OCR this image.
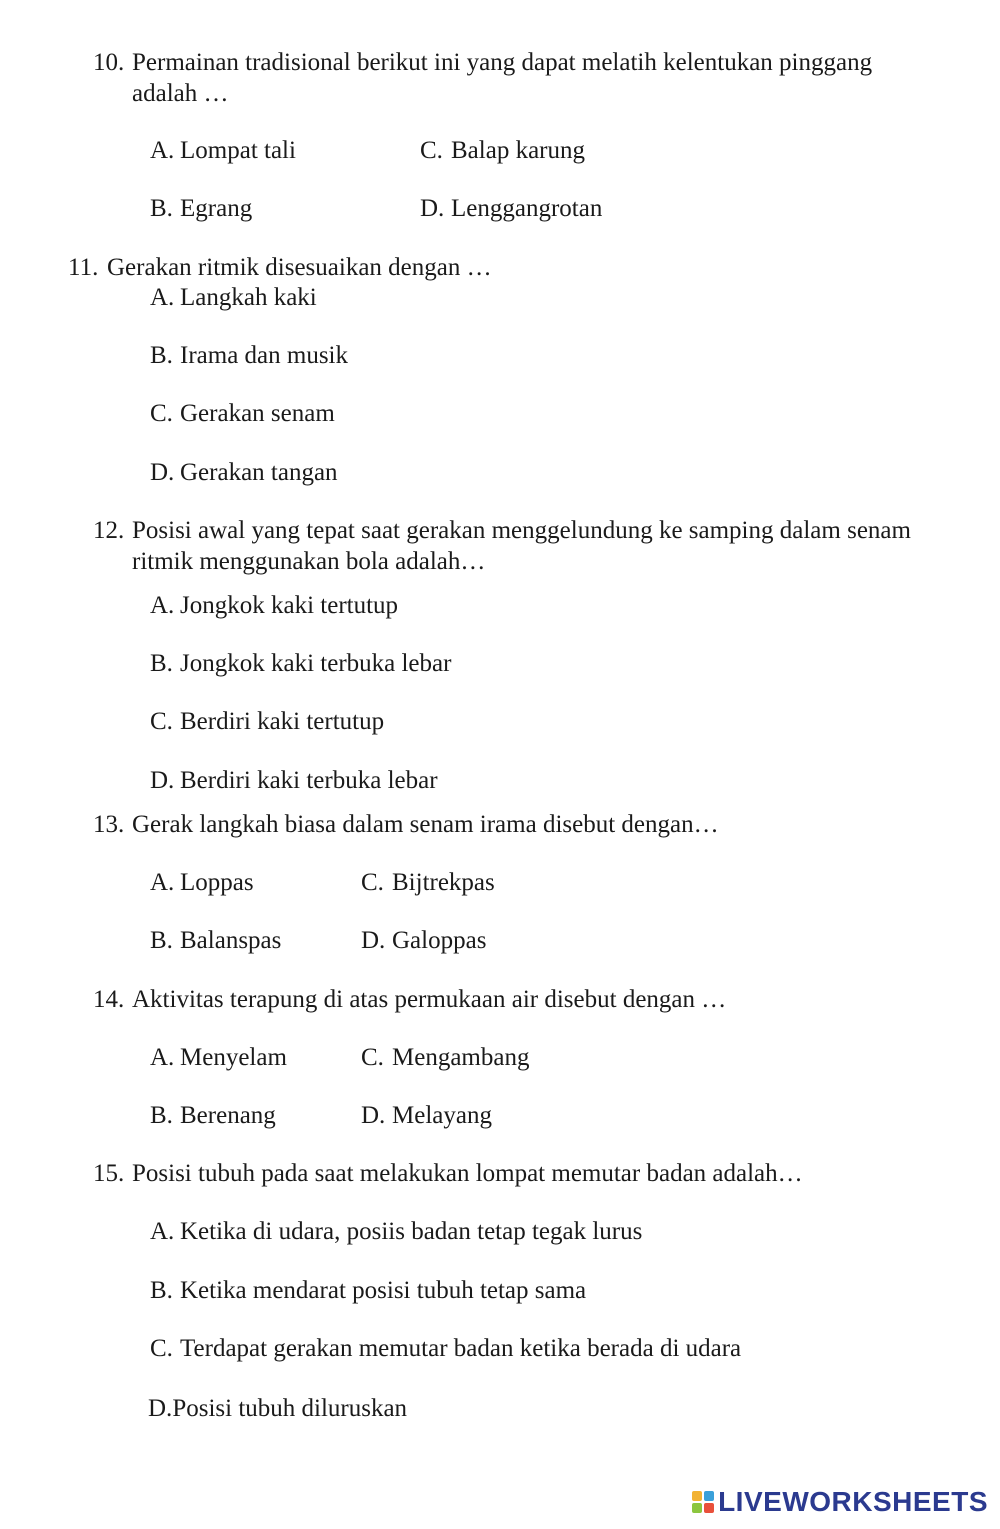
10. Permainan tradisional berikut ini yang dapat melatih kelentukan pinggang
adalah …
A. Lompat tali	C. Balap karung
B. Egrang	D. Lenggangrotan
11. Gerakan ritmik disesuaikan dengan …
A. Langkah kaki
B. Irama dan musik
C. Gerakan senam
D. Gerakan tangan
12. Posisi awal yang tepat saat gerakan menggelundung ke samping dalam senam
ritmik menggunakan bola adalah…
A. Jongkok kaki tertutup
B. Jongkok kaki terbuka lebar
C. Berdiri kaki tertutup
D. Berdiri kaki terbuka lebar
13. Gerak langkah biasa dalam senam irama disebut dengan…
A. Loppas	C. Bijtrekpas
B. Balanspas	D. Galoppas
14. Aktivitas terapung di atas permukaan air disebut dengan …
A. Menyelam	C. Mengambang
B. Berenang	D. Melayang
15. Posisi tubuh pada saat melakukan lompat memutar badan adalah…
A. Ketika di udara, posiis badan tetap tegak lurus
B. Ketika mendarat posisi tubuh tetap sama
C. Terdapat gerakan memutar badan ketika berada di udara
D.Posisi tubuh diluruskan
LIVEWORKSHEETS
